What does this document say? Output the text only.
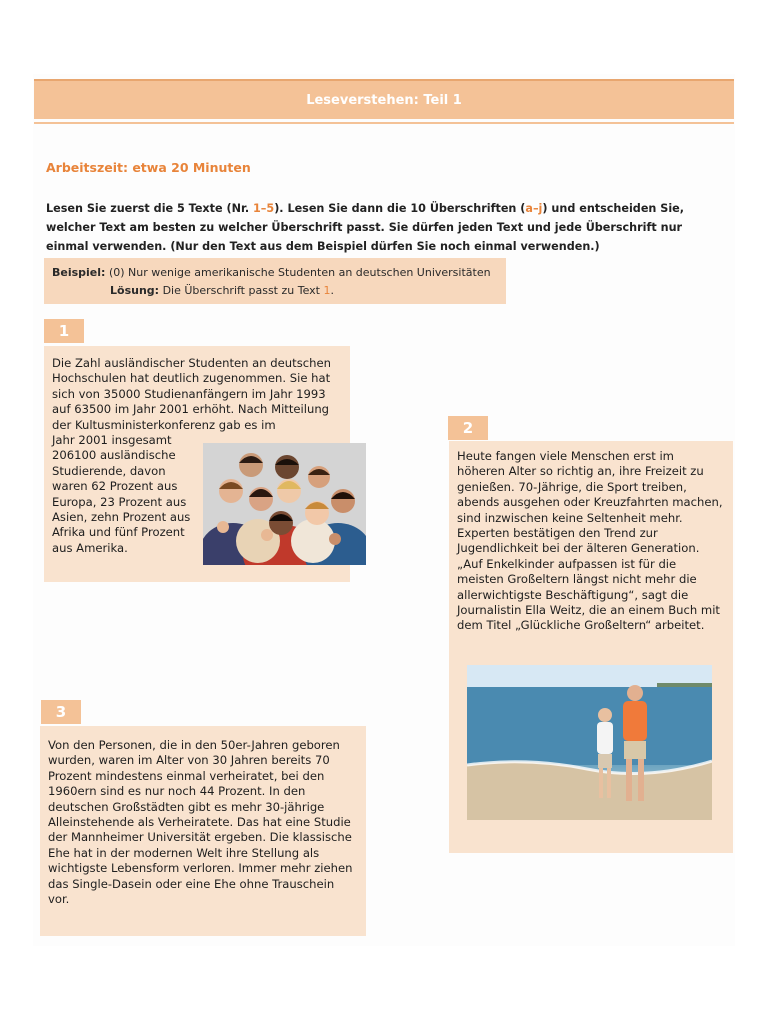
Leseverstehen: Teil 1
Arbeitszeit: etwa 20 Minuten
Lesen Sie zuerst die 5 Texte (Nr. 1–5). Lesen Sie dann die 10 Überschriften (a–j) und entscheiden Sie, welcher Text am besten zu welcher Überschrift passt. Sie dürfen jeden Text und jede Überschrift nur einmal verwenden. (Nur den Text aus dem Beispiel dürfen Sie noch einmal verwenden.)
Beispiel: (0) Nur wenige amerikanische Studenten an deutschen Universitäten
Lösung: Die Überschrift passt zu Text 1.
1

Die Zahl ausländischer Studenten an deutschen Hochschulen hat deutlich zugenommen. Sie hat sich von 35000 Studienanfängern im Jahr 1993 auf 63500 im Jahr 2001 erhöht. Nach Mitteilung der Kultusministerkonferenz gab es im

Jahr 2001 insgesamt 206100 ausländische Studierende, davon waren 62 Prozent aus Europa, 23 Prozent aus Asien, zehn Prozent aus Afrika und fünf Prozent aus Amerika.

2

Heute fangen viele Menschen erst im höheren Alter so richtig an, ihre Freizeit zu genießen. 70-Jährige, die Sport treiben, abends ausgehen oder Kreuzfahrten machen, sind inzwischen keine Seltenheit mehr. Experten bestätigen den Trend zur Jugendlichkeit bei der älteren Generation. „Auf Enkelkinder aufpassen ist für die meisten Großeltern längst nicht mehr die allerwichtigste Beschäftigung“, sagt die Journalistin Ella Weitz, die an einem Buch mit dem Titel „Glückliche Großeltern“ arbeitet.

3

Von den Personen, die in den 50er-Jahren geboren wurden, waren im Alter von 30 Jahren bereits 70 Prozent mindestens einmal verheiratet, bei den 1960ern sind es nur noch 44 Prozent. In den deutschen Großstädten gibt es mehr 30-jährige Alleinstehende als Verheiratete. Das hat eine Studie der Mannheimer Universität ergeben. Die klassische Ehe hat in der modernen Welt ihre Stellung als wichtigste Lebensform verloren. Immer mehr ziehen das Single-Dasein oder eine Ehe ohne Trauschein vor.
